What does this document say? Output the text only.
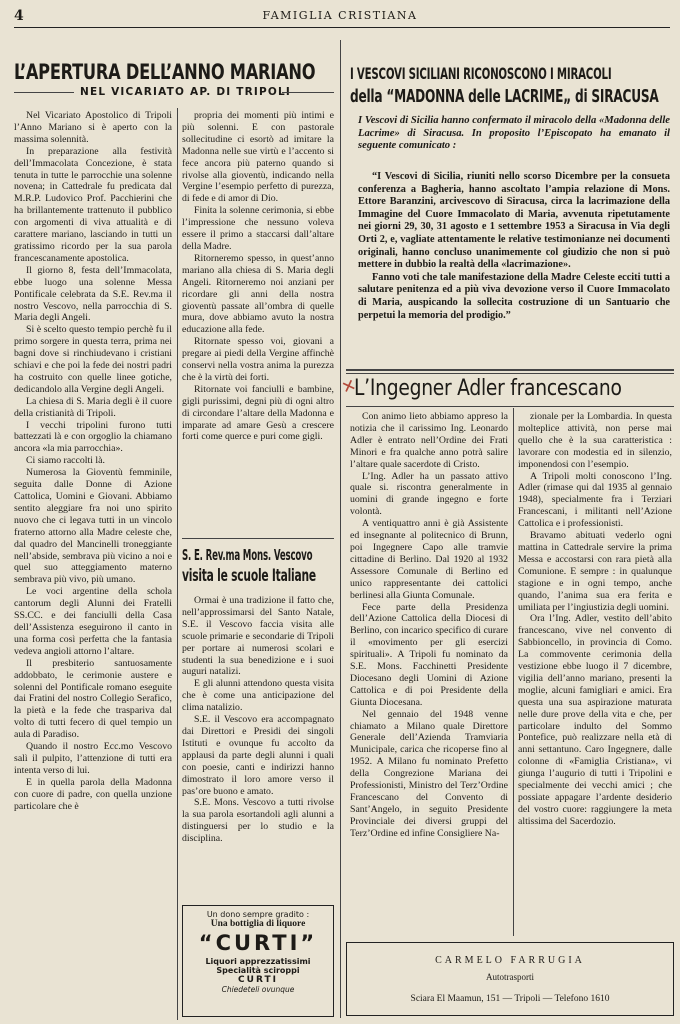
4	FAMIGLIA CRISTIANA
L’APERTURA DELL’ANNO MARIANO
NEL VICARIATO AP. DI TRIPOLI

Nel Vicariato Apostolico di Tripoli l’Anno Mariano si è aperto con la massima solennità.

In preparazione alla festività dell’Immacolata Concezione, è stata tenuta in tutte le parrocchie una solenne novena; in Cattedrale fu predicata dal M.R.P. Ludovico Prof. Pacchierini che ha brillantemente trattenuto il pubblico con argomenti di viva attualità e di carattere mariano, lasciando in tutti un gratissimo ricordo per la sua parola francescanamente apostolica.

Il giorno 8, festa dell’Immacolata, ebbe luogo una solenne Messa Pontificale celebrata da S.E. Rev.ma il nostro Vescovo, nella parrocchia di S. Maria degli Angeli.

Si è scelto questo tempio perchè fu il primo sorgere in questa terra, prima nei bagni dove si rinchiudevano i cristiani schiavi e che poi la fede dei nostri padri ha costruito con quelle linee gotiche, dedicandolo alla Vergine degli Angeli.

La chiesa di S. Maria degli è il cuore della cristianità di Tripoli.

I vecchi tripolini furono tutti battezzati là e con orgoglio la chiamano ancora «la mia parrocchia».

Ci siamo raccolti là.

Numerosa la Gioventù femminile, seguita dalle Donne di Azione Cattolica, Uomini e Giovani. Abbiamo sentito aleggiare fra noi uno spirito nuovo che ci legava tutti in un vincolo fraterno attorno alla Madre celeste che, dal quadro del Mancinelli troneggiante nell’abside, sembrava più vicino a noi e quel suo atteggiamento materno sembrava più vivo, più umano.

Le voci argentine della schola cantorum degli Alunni dei Fratelli SS.CC. e dei fanciulli della Casa dell’Assistenza eseguirono il canto in una forma così perfetta che la fantasia vedeva angioli attorno l’altare.

Il presbiterio santuosamente addobbato, le cerimonie austere e solenni del Pontificale romano eseguite dai Fratini del nostro Collegio Serafico, la pietà e la fede che traspariva dal volto di tutti fecero di quel tempio un aula di Paradiso.

Quando il nostro Ecc.mo Vescovo salì il pulpito, l’attenzione di tutti era intenta verso di lui.

E in quella parola della Madonna con cuore di padre, con quella unzione particolare che è

propria dei momenti più intimi e più solenni. E con pastorale sollecitudine ci esortò ad imitare la Madonna nelle sue virtù e l’accento si fece ancora più paterno quando si rivolse alla gioventù, indicando nella Vergine l’esempio perfetto di purezza, di fede e di amor di Dio.

Finita la solenne cerimonia, si ebbe l’impressione che nessuno voleva essere il primo a staccarsi dall’altare della Madre.

Ritorneremo spesso, in quest’anno mariano alla chiesa di S. Maria degli Angeli. Ritorneremo noi anziani per ricordare gli anni della nostra gioventù passate all’ombra di quelle mura, dove abbiamo avuto la nostra educazione alla fede.

Ritornate spesso voi, giovani a pregare ai piedi della Vergine affinchè conservi nella vostra anima la purezza che è la virtù dei forti.

Ritornate voi fanciulli e bambine, gigli purissimi, degni più di ogni altro di circondare l’altare della Madonna e imparate ad amare Gesù a crescere forti come querce e puri come gigli.

S. E. Rev.ma Mons. Vescovo
visita le scuole Italiane

Ormai è una tradizione il fatto che, nell’approssimarsi del Santo Natale, S.E. il Vescovo faccia visita alle scuole primarie e secondarie di Tripoli per portare ai numerosi scolari e studenti la sua benedizione e i suoi auguri natalizi.

E gli alunni attendono questa visita che è come una anticipazione del clima natalizio.

S.E. il Vescovo era accompagnato dai Direttori e Presidi dei singoli Istituti e ovunque fu accolto da applausi da parte degli alunni i quali con poesie, canti e indirizzi hanno dimostrato il loro amore verso il pas’ore buono e amato.

S.E. Mons. Vescovo a tutti rivolse la sua parola esortandoli agli alunni a distinguersi per lo studio e la disciplina.

Un dono sempre gradito :
Una bottiglia di liquore
“CURTI”
Liquori apprezzatissimi
Specialità sciroppi
CURTI
Chiedeteli ovunque
I VESCOVI SICILIANI RICONOSCONO I MIRACOLI
della “MADONNA delle LACRIME„ di SIRACUSA
I Vescovi di Sicilia hanno confermato il miracolo della «Madonna delle Lacrime» di Siracusa. In proposito l’Episcopato ha emanato il seguente comunicato :

“I Vescovi di Sicilia, riuniti nello scorso Dicembre per la consueta conferenza a Bagheria, hanno ascoltato l’ampia relazione di Mons. Ettore Baranzini, arcivescovo di Siracusa, circa la lacrimazione della Immagine del Cuore Immacolato di Maria, avvenuta ripetutamente nei giorni 29, 30, 31 agosto e 1 settembre 1953 a Siracusa in Via degli Orti 2, e, vagliate attentamente le relative testimonianze nei documenti originali, hanno concluso unanimemente col giudizio che non si può mettere in dubbio la realtà della «lacrimazione».

Fanno voti che tale manifestazione della Madre Celeste ecciti tutti a salutare penitenza ed a più viva devozione verso il Cuore Immacolato di Maria, auspicando la sollecita costruzione di un Santuario che perpetui la memoria del prodigio.”

✕
L’Ingegner Adler francescano

Con animo lieto abbiamo appreso la notizia che il carissimo Ing. Leonardo Adler è entrato nell’Ordine dei Frati Minori e fra qualche anno potrà salire l’altare quale sacerdote di Cristo.

L’Ing. Adler ha un passato attivo quale si. riscontra generalmente in uomini di grande ingegno e forte volontà.

A ventiquattro anni è già Assistente ed insegnante al politecnico di Brunn, poi Ingegnere Capo alle tramvie cittadine di Berlino. Dal 1920 al 1932 Assessore Comunale di Berlino ed unico rappresentante dei cattolici berlinesi alla Giunta Comunale.

Fece parte della Presidenza dell’Azione Cattolica della Diocesi di Berlino, con incarico specifico di curare il «movimento per gli esercizi spirituali». A Tripoli fu nominato da S.E. Mons. Facchinetti Presidente Diocesano degli Uomini di Azione Cattolica e di poi Presidente della Giunta Diocesana.

Nel gennaio del 1948 venne chiamato a Milano quale Direttore Generale dell’Azienda Tramviaria Municipale, carica che ricoperse fino al 1952. A Milano fu nominato Prefetto della Congrezione Mariana dei Professionisti, Ministro del Terz’Ordine Francescano del Convento di Sant’Angelo, in seguito Presidente Provinciale dei diversi gruppi del Terz’Ordine ed infine Consigliere Na-

zionale per la Lombardia. In questa molteplice attività, non perse mai quello che è la sua caratteristica : lavorare con modestia ed in silenzio, imponendosi con l’esempio.

A Tripoli molti conoscono l’Ing. Adler (rimase qui dal 1935 al gennaio 1948), specialmente fra i Terziari Francescani, i militanti nell’Azione Cattolica e i professionisti.

Bravamo abituati vederlo ogni mattina in Cattedrale servire la prima Messa e accostarsi con rara pietà alla Comunione. E sempre : in qualunque stagione e in ogni tempo, anche quando, l’anima sua era ferita e umiliata per l’ingiustizia degli uomini.

Ora l’Ing. Adler, vestito dell’abito francescano, vive nel convento di Sabbioncello, in provincia di Como. La commovente cerimonia della vestizione ebbe luogo il 7 dicembre, vigilia dell’anno mariano, presenti la moglie, alcuni famigliari e amici. Era questa una sua aspirazione maturata nelle dure prove della vita e che, per particolare indulto del Sommo Pontefice, può realizzare nella età di anni settantuno. Caro Ingegnere, dalle colonne di «Famiglia Cristiana», vi giunga l’augurio di tutti i Tripolini e specialmente dei vecchi amici ; che possiate appagare l’ardente desiderio del vostro cuore: raggiungere la meta altissima del Sacerdozio.

CARMELO FARRUGIA
Autotrasporti
Sciara El Maamun, 151 — Tripoli — Telefono 1610
